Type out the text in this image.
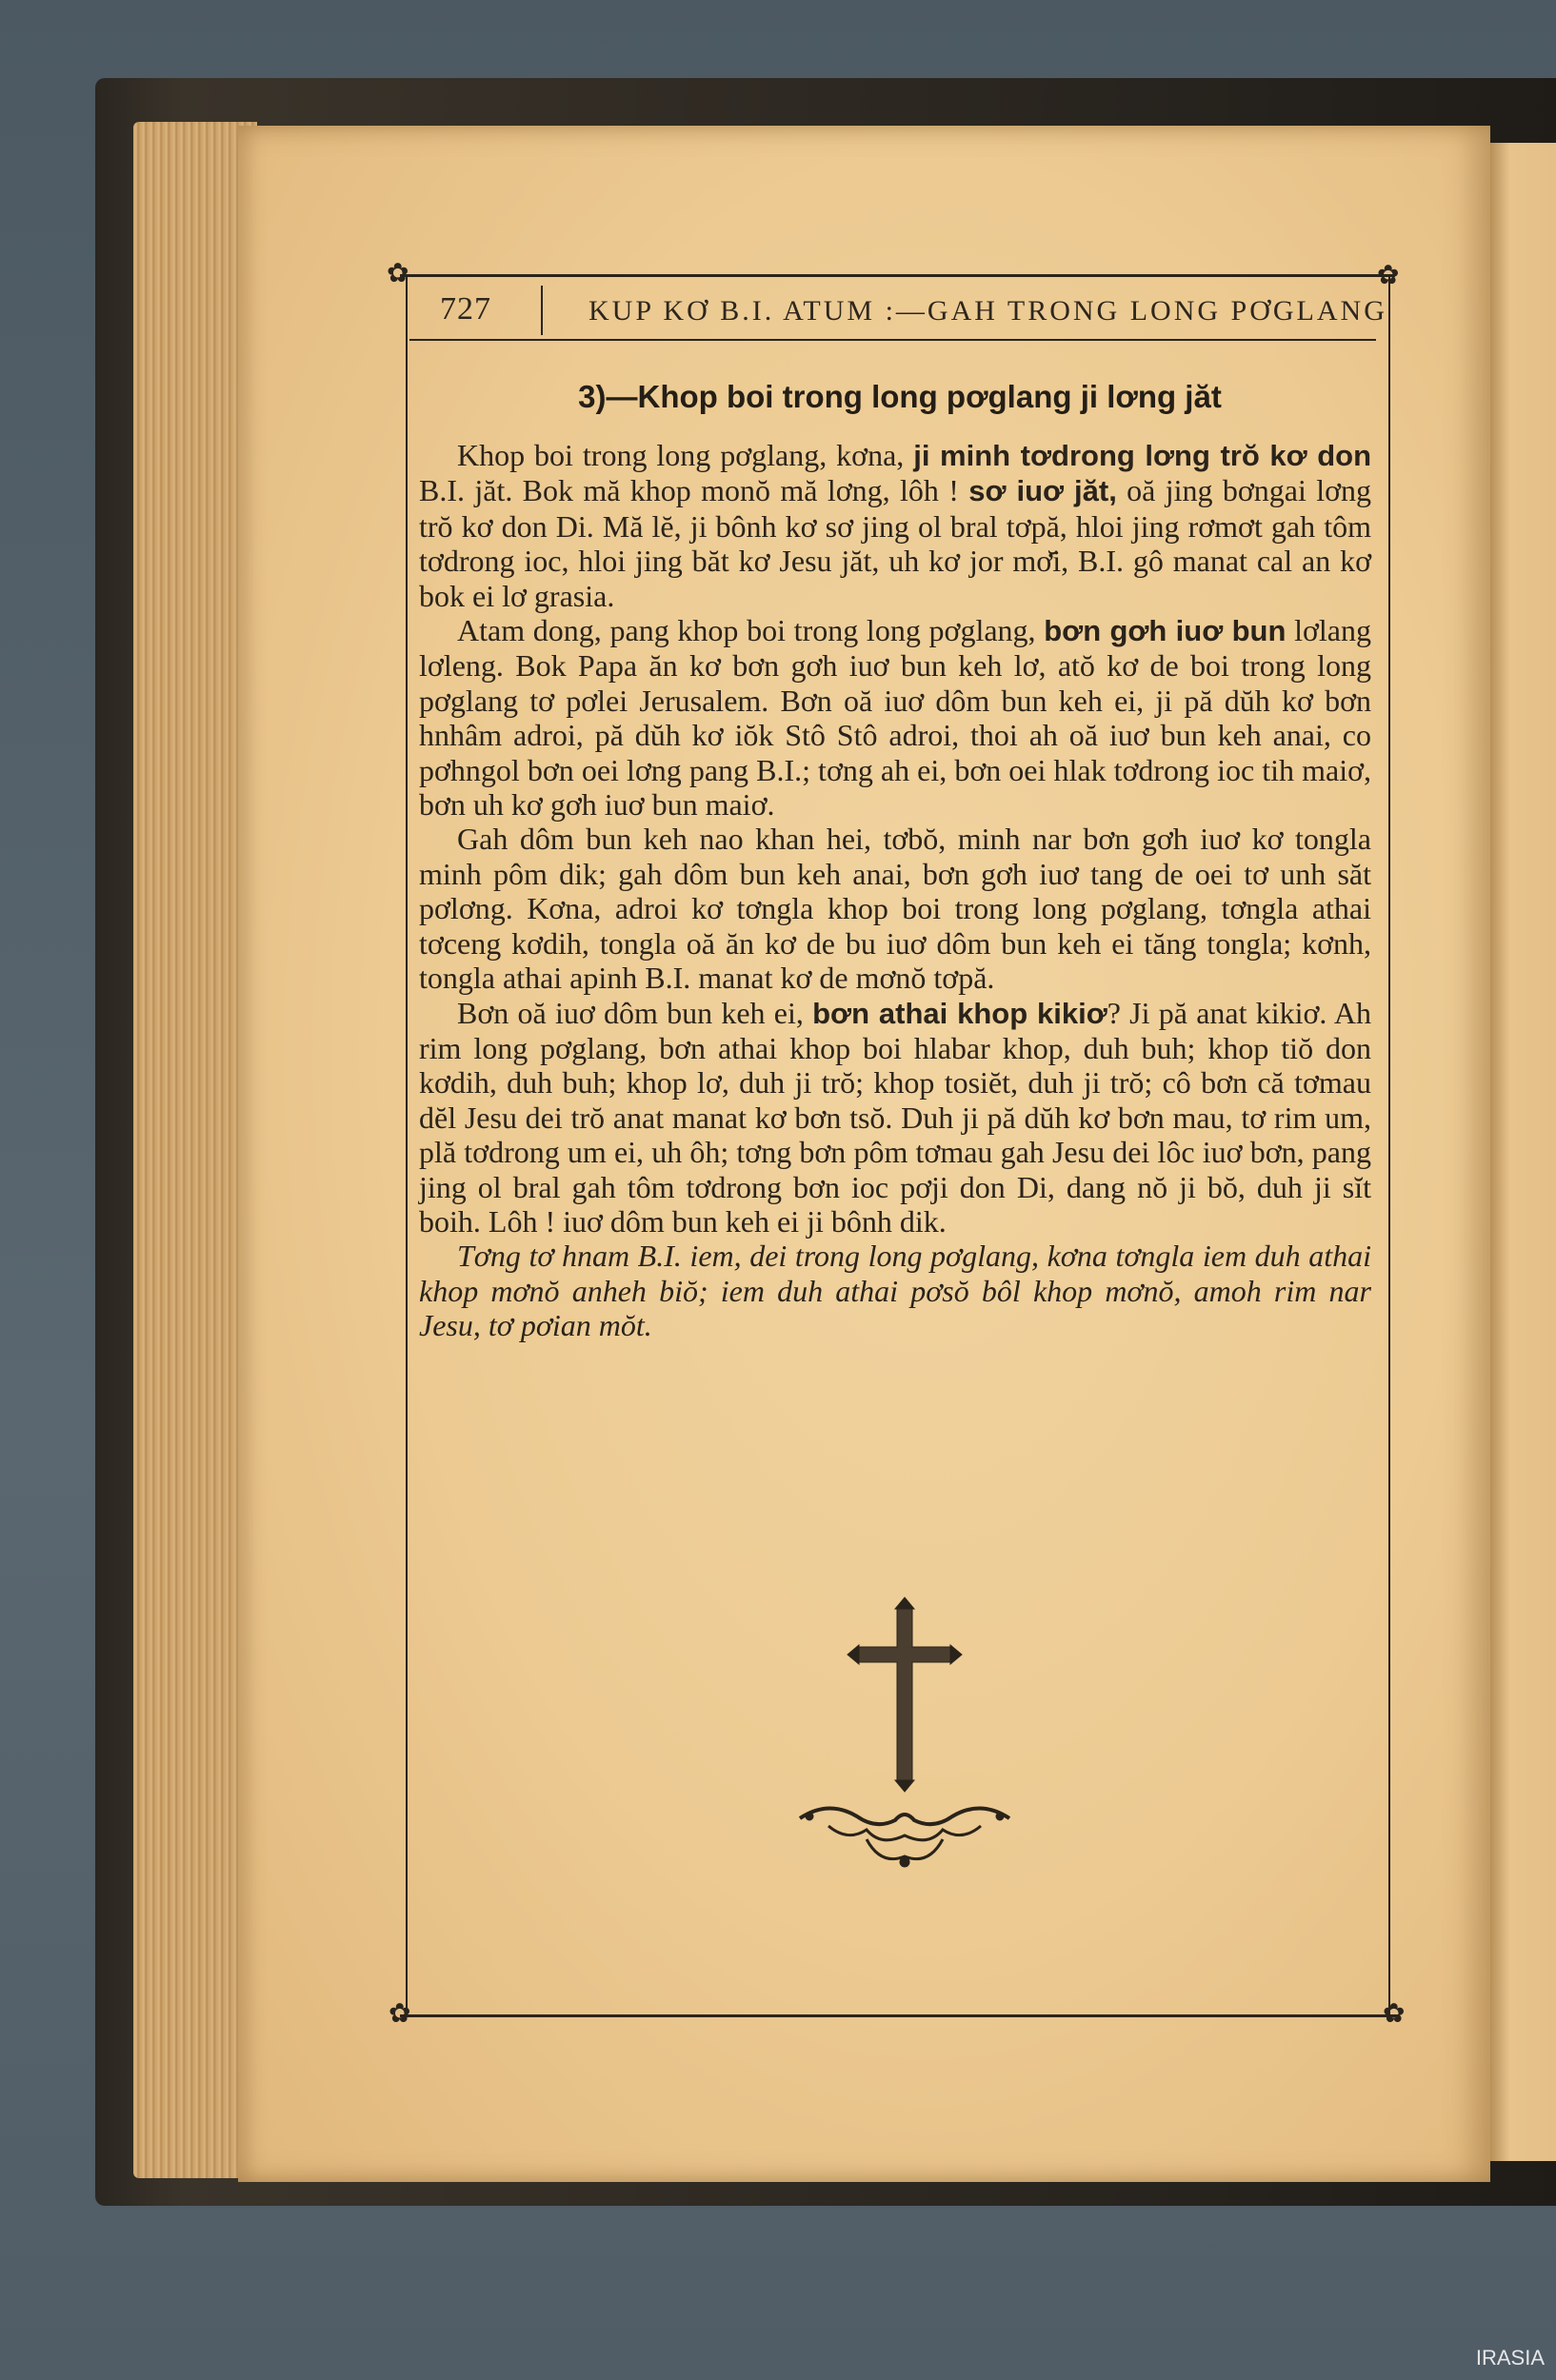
✿	✿
✿	✿
727	KUP KƠ B.I. ATUM :—GAH TRONG LONG PƠGLANG
3)—Khop boi trong long pơglang ji lơng jăt

Khop boi trong long pơglang, kơna, ji minh tơdrong lơng trŏ kơ don B.I. jăt. Bok mă khop monŏ mă lơng, lôh ! sơ iuơ jăt, oă jing bơngai lơng trŏ kơ don Di. Mă lĕ, ji bônh kơ sơ jing ol bral tơpă, hloi jing rơmơt gah tôm tơdrong ioc, hloi jing băt kơ Jesu jăt, uh kơ jor mơ̆i, B.I. gô manat cal an kơ bok ei lơ grasia.

Atam dong, pang khop boi trong long pơglang, bơn gơh iuơ bun lơlang lơleng. Bok Papa ăn kơ bơn gơh iuơ bun keh lơ, atŏ kơ de boi trong long pơglang tơ pơlei Jerusalem. Bơn oă iuơ dôm bun keh ei, ji pă dŭh kơ bơn hnhâm adroi, pă dŭh kơ iŏk Stô Stô adroi, thoi ah oă iuơ bun keh anai, co pơhngol bơn oei lơng pang B.I.; tơng ah ei, bơn oei hlak tơdrong ioc tih maiơ, bơn uh kơ gơh iuơ bun maiơ.

Gah dôm bun keh nao khan hei, tơbŏ, minh nar bơn gơh iuơ kơ tongla minh pôm dik; gah dôm bun keh anai, bơn gơh iuơ tang de oei tơ unh săt pơlơng. Kơna, adroi kơ tơngla khop boi trong long pơglang, tơngla athai tơceng kơdih, tongla oă ăn kơ de bu iuơ dôm bun keh ei tăng tongla; kơnh, tongla athai apinh B.I. manat kơ de mơnŏ tơpă.

Bơn oă iuơ dôm bun keh ei, bơn athai khop kikiơ? Ji pă anat kikiơ. Ah rim long pơglang, bơn athai khop boi hlabar khop, duh buh; khop tiŏ don kơdih, duh buh; khop lơ, duh ji trŏ; khop tosiĕt, duh ji trŏ; cô bơn că tơmau dĕl Jesu dei trŏ anat manat kơ bơn tsŏ. Duh ji pă dŭh kơ bơn mau, tơ rim um, plă tơdrong um ei, uh ôh; tơng bơn pôm tơmau gah Jesu dei lôc iuơ bơn, pang jing ol bral gah tôm tơdrong bơn ioc pơji don Di, dang nŏ ji bŏ, duh ji sĭt boih. Lôh ! iuơ dôm bun keh ei ji bônh dik.

Tơng tơ hnam B.I. iem, dei trong long pơglang, kơna tơngla iem duh athai khop mơnŏ anheh biŏ; iem duh athai pơsŏ bôl khop mơnŏ, amoh rim nar Jesu, tơ pơian mŏt.

IRASIA
